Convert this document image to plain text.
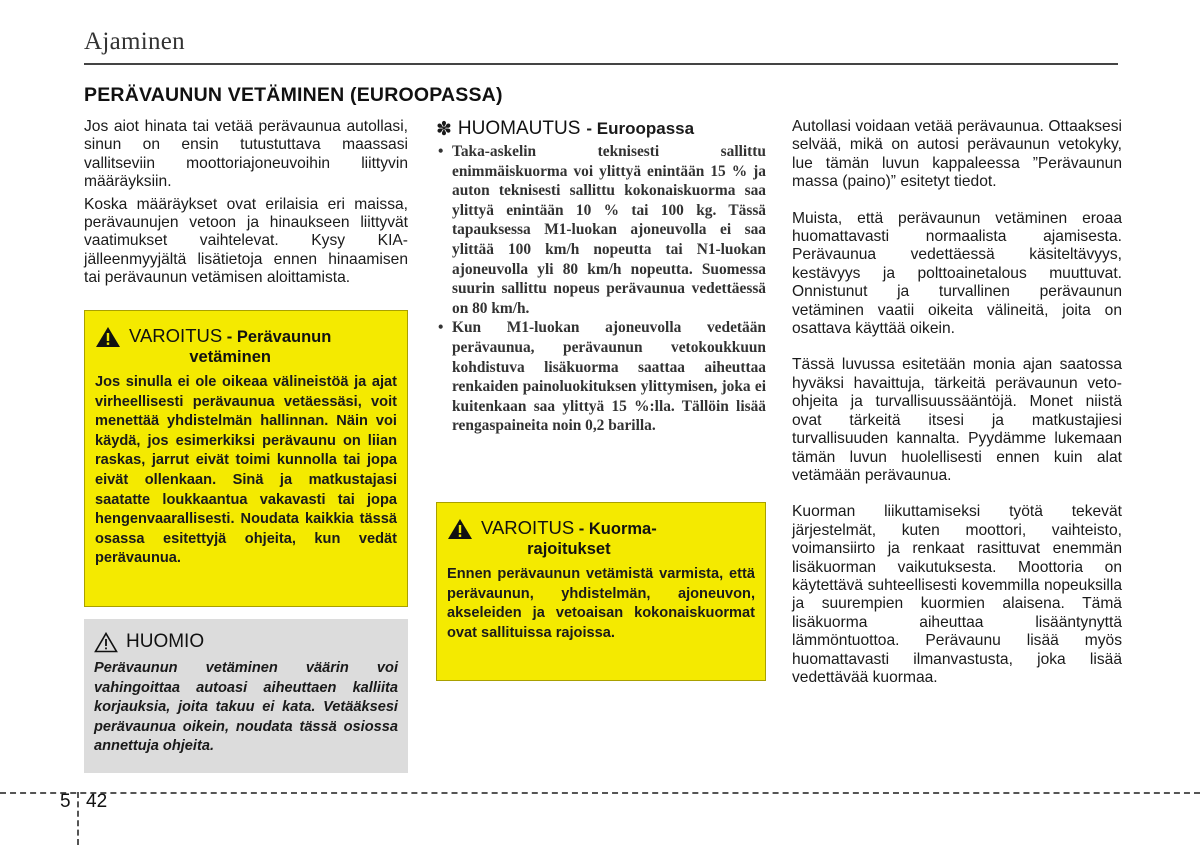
Ajaminen
PERÄVAUNUN VETÄMINEN (EUROOPASSA)

Jos aiot hinata tai vetää perävaunua autollasi, sinun on ensin tutustuttava maassasi vallitseviin moottoriajoneuvoihin liittyvin määräyksiin.

Koska määräykset ovat erilaisia eri maissa, perävaunujen vetoon ja hinaukseen liittyvät vaatimukset vaihtelevat. Kysy KIA-jälleenmyyjältä lisätietoja ennen hinaamisen tai perävaunun vetämisen aloittamista.

VAROITUS - Perävaunun
vetäminen

Jos sinulla ei ole oikeaa välineistöä ja ajat virheellisesti perävaunua vetäessäsi, voit menettää yhdistelmän hallinnan. Näin voi käydä, jos esimerkiksi perävaunu on liian raskas, jarrut eivät toimi kunnolla tai jopa eivät ollenkaan. Sinä ja matkustajasi saatatte loukkaantua vakavasti tai jopa hengenvaarallisesti. Noudata kaikkia tässä osassa esitettyjä ohjeita, kun vedät perävaunua.

HUOMIO

Perävaunun vetäminen väärin voi vahingoittaa autoasi aiheuttaen kalliita korjauksia, joita takuu ei kata. Vetääksesi perävaunua oikein, noudata tässä osiossa annettuja ohjeita.

✽ HUOMAUTUS - Euroopassa
• Taka-askelin teknisesti sallittu enimmäiskuorma voi ylittyä enintään 15 % ja auton teknisesti sallittu kokonaiskuorma saa ylittyä enintään 10 % tai 100 kg. Tässä tapauksessa M1-luokan ajoneuvolla ei saa ylittää 100 km/h nopeutta tai N1-luokan ajoneuvolla yli 80 km/h nopeutta. Suomessa suurin sallittu nopeus perävaunua vedettäessä on 80 km/h.
• Kun M1-luokan ajoneuvolla vedetään perävaunua, perävaunun vetokoukkuun kohdistuva lisäkuorma saattaa aiheuttaa renkaiden painoluokituksen ylittymisen, joka ei kuitenkaan saa ylittyä 15 %:lla. Tällöin lisää rengaspaineita noin 0,2 barilla.
VAROITUS - Kuorma-
rajoitukset

Ennen perävaunun vetämistä varmista, että perävaunun, yhdistelmän, ajoneuvon, akseleiden ja vetoaisan kokonaiskuormat ovat sallituissa rajoissa.

Autollasi voidaan vetää perävaunua. Ottaaksesi selvää, mikä on autosi perävaunun vetokyky, lue tämän luvun kappaleessa ”Perävaunun massa (paino)” esitetyt tiedot.

Muista, että perävaunun vetäminen eroaa huomattavasti normaalista ajamisesta. Perävaunua vedettäessä käsiteltävyys, kestävyys ja polttoainetalous muuttuvat. Onnistunut ja turvallinen perävaunun vetäminen vaatii oikeita välineitä, joita on osattava käyttää oikein.

Tässä luvussa esitetään monia ajan saatossa hyväksi havaittuja, tärkeitä perävaunun veto-ohjeita ja turvallisuussääntöjä. Monet niistä ovat tärkeitä itsesi ja matkustajiesi turvallisuuden kannalta. Pyydämme lukemaan tämän luvun huolellisesti ennen kuin alat vetämään perävaunua.

Kuorman liikuttamiseksi työtä tekevät järjestelmät, kuten moottori, vaihteisto, voimansiirto ja renkaat rasittuvat enemmän lisäkuorman vaikutuksesta. Moottoria on käytettävä suhteellisesti kovemmilla nopeuksilla ja suurempien kuormien alaisena. Tämä lisäkuorma aiheuttaa lisääntynyttä lämmöntuottoa. Perävaunu lisää myös huomattavasti ilmanvastusta, joka lisää vedettävää kuormaa.

5 42
